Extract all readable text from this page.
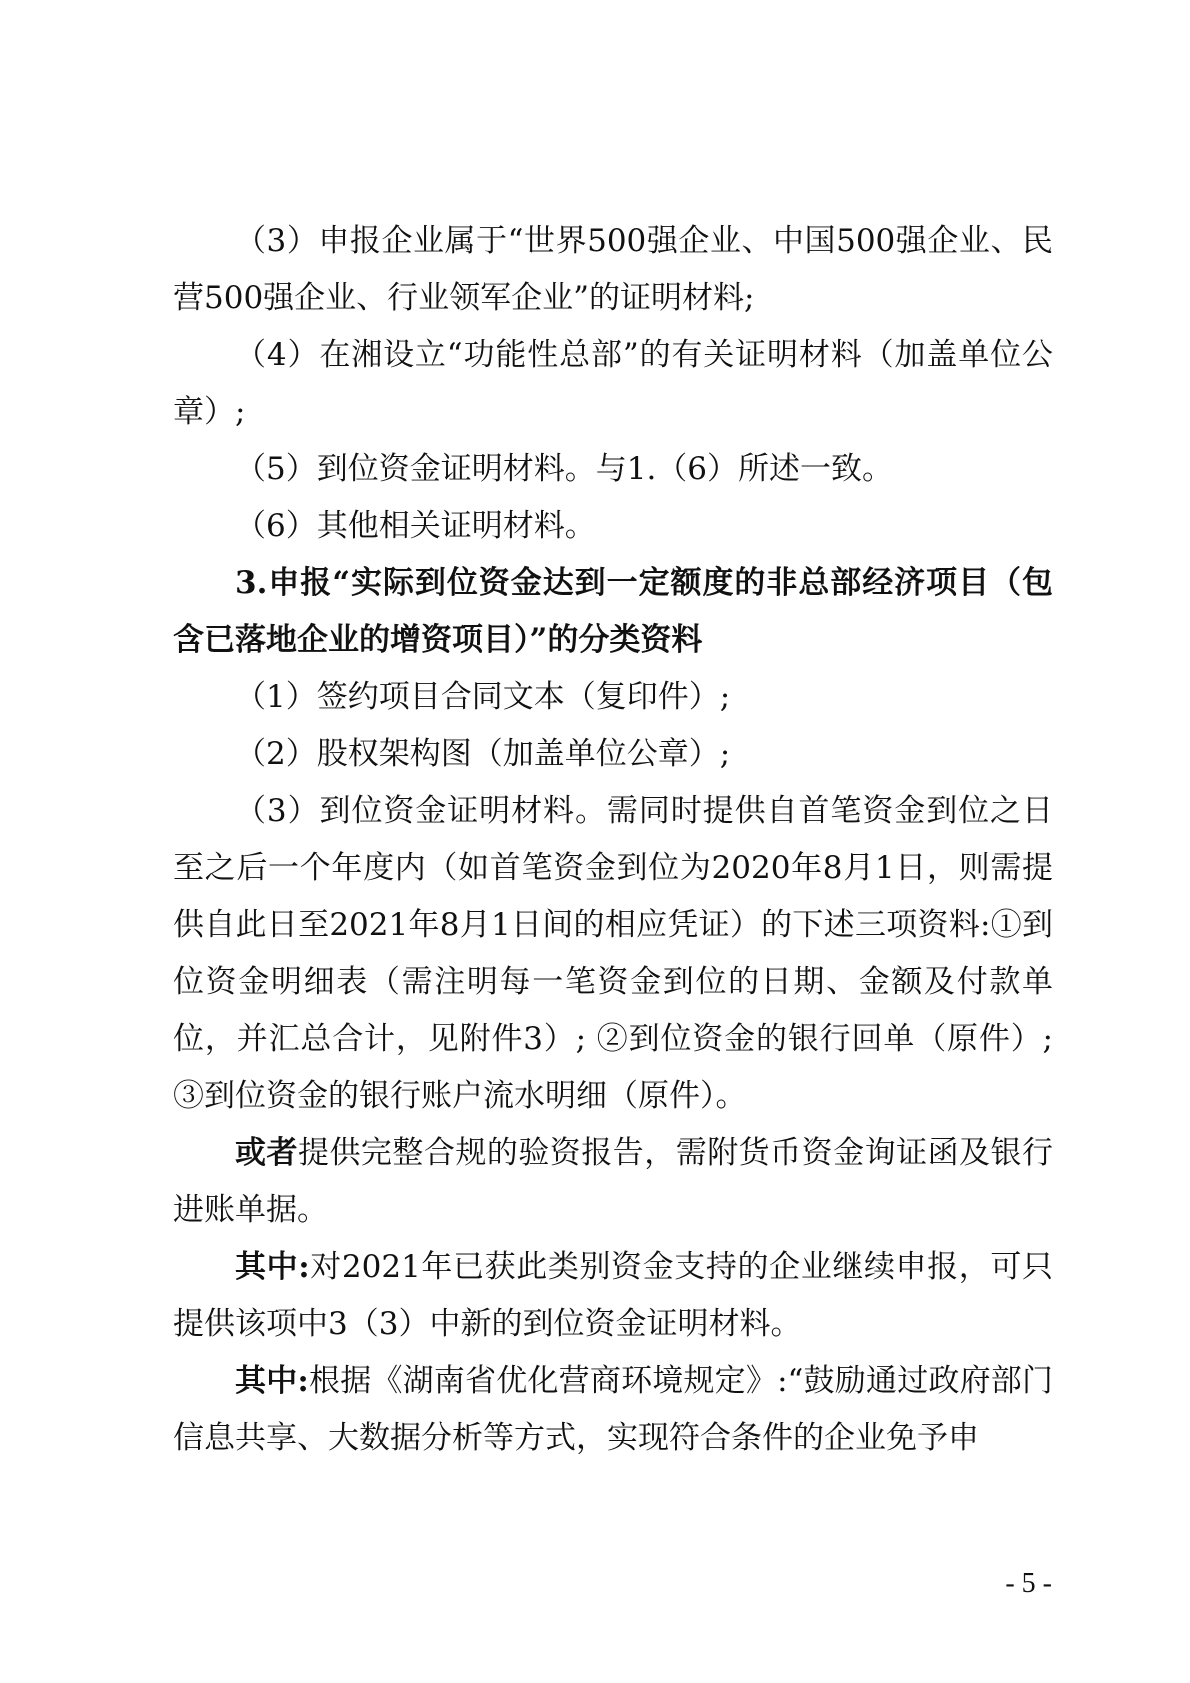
（3）申报企业属于“世界500强企业、中国500强企业、民营500强企业、行业领军企业”的证明材料;

（4）在湘设立“功能性总部”的有关证明材料（加盖单位公章）;

（5）到位资金证明材料。与1.（6）所述一致。

（6）其他相关证明材料。

3.申报“实际到位资金达到一定额度的非总部经济项目（包含已落地企业的增资项目）”的分类资料

（1）签约项目合同文本（复印件）;

（2）股权架构图（加盖单位公章）;

（3）到位资金证明材料。需同时提供自首笔资金到位之日至之后一个年度内（如首笔资金到位为2020年8月1日，则需提供自此日至2021年8月1日间的相应凭证）的下述三项资料:①到位资金明细表（需注明每一笔资金到位的日期、金额及付款单位，并汇总合计，见附件3）; ②到位资金的银行回单（原件）; ③到位资金的银行账户流水明细（原件）。

或者提供完整合规的验资报告，需附货币资金询证函及银行进账单据。

其中:对2021年已获此类别资金支持的企业继续申报，可只提供该项中3（3）中新的到位资金证明材料。

其中:根据《湖南省优化营商环境规定》:“鼓励通过政府部门信息共享、大数据分析等方式，实现符合条件的企业免予申

- 5 -
